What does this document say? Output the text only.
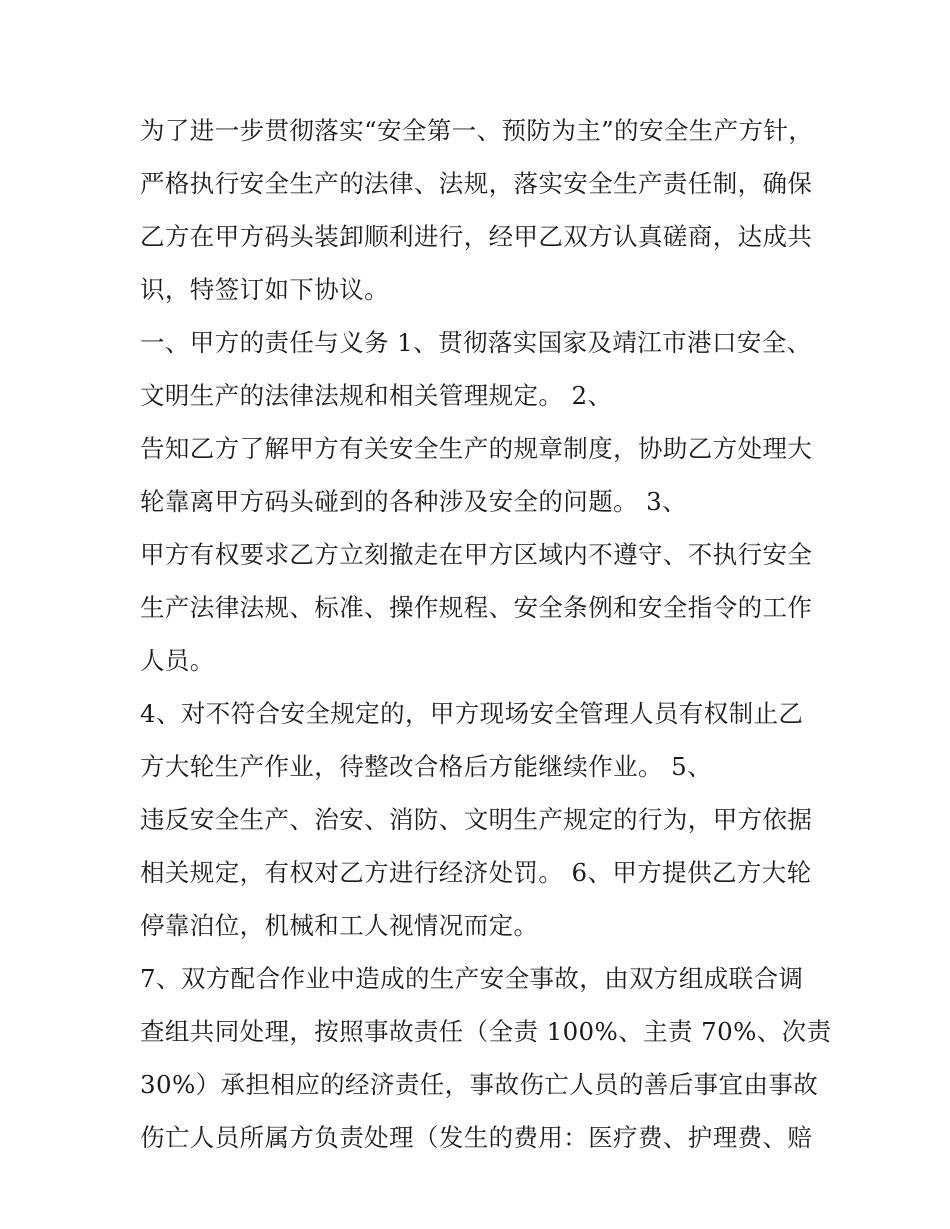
为了进一步贯彻落实“安全第一、预防为主”的安全生产方针，
严格执行安全生产的法律、法规，落实安全生产责任制，确保
乙方在甲方码头装卸顺利进行，经甲乙双方认真磋商，达成共
识，特签订如下协议。
一、甲方的责任与义务 1、贯彻落实国家及靖江市港口安全、
文明生产的法律法规和相关管理规定。 2、
告知乙方了解甲方有关安全生产的规章制度，协助乙方处理大
轮靠离甲方码头碰到的各种涉及安全的问题。 3、
甲方有权要求乙方立刻撤走在甲方区域内不遵守、不执行安全
生产法律法规、标准、操作规程、安全条例和安全指令的工作
人员。
4、对不符合安全规定的，甲方现场安全管理人员有权制止乙
方大轮生产作业，待整改合格后方能继续作业。 5、
违反安全生产、治安、消防、文明生产规定的行为，甲方依据
相关规定，有权对乙方进行经济处罚。 6、甲方提供乙方大轮
停靠泊位，机械和工人视情况而定。
7、双方配合作业中造成的生产安全事故，由双方组成联合调
查组共同处理，按照事故责任（全责 100%、主责 70%、次责
30%）承担相应的经济责任，事故伤亡人员的善后事宜由事故
伤亡人员所属方负责处理（发生的费用：医疗费、护理费、赔
